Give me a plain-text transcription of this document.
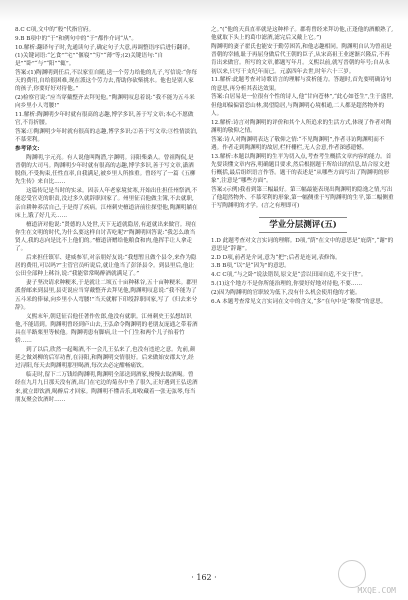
8.C C项,文中的“般”代指官府。

9.B B项中的“于”和例句中的“于”都作介词“从”。

10.解析:翻译句子时,先通读句子,确定句子大意,再调整语序后进行翻译。(1)关键词语:“乞食”“宅”“偃寝”“穷”“薄”等;(2)关键语句:“自是”“卧”“与”“阳”“辄”。

答案:(1)陶渊明到任后,不以家室自随,送一个劳力给他的儿子,写信说:“你每天的费用,自给很困难,现在派这个劳力去,帮助你砍柴挑水。他也是别人家的孩子,你要好好对待他。”

(2)检察官说:“应当穿戴整齐去拜见他。”陶渊明叹息着说:“我不能为五斗米向乡里小人弯腰!”

11.解析:陶渊明少年时就有很高的志趣,博学多识,善于写文章;本心不愿做官,不肯折腰。

答案:①陶渊明少年时就有很高的志趣,博学多识;②善于写文章;③性情淡泊,不慕荣利。

参考译文:

陶渊明,字元亮。有人说他叫陶潜,字渊明。浔阳柴桑人。曾祖陶侃,是晋朝的大司马。陶渊明少年时就有很高的志趣,博学多识,善于写文章,潇洒脱俗,不受拘束,任性直率,自我满足,被乡里人所推重。曾经写了一篇《五柳先生传》来自比……

这篇传记是当时的实录。因亲人年老家境贫寒,开始出仕担任州祭酒,不能忍受官吏的职责,没过多久就辞职回家了。州里征召他做主簿,不去就职,亲自耕种养活自己,于是得了疾病。江州刺史檀道济前往探望他,陶渊明躺在床上,饿了好几天……

檀道济对他说:“贤德的人处世,天下无道就隐居,有道就出来做官。现在你生在文明的时代,为什么要这样自讨苦吃呢?”陶渊明回答说:“我怎么敢当贤人,我的志向是比不上他们的。”檀道济赠给他粮食和肉,他挥手让人拿走了。

后来担任镇军、建威参军,对亲朋好友说:“我想暂且做个县令,来作为隐居的费用,可以吗?”主管官员听说后,就让他当了彭泽县令。到县里后,他让公田全部种上秫谷,说:“我能常常喝醉酒就满足了。”

妻子坚决请求种粳米,于是就让二顷五十亩种秫谷,五十亩种粳米。郡里派督邮来到县里,县吏说应当穿戴整齐去拜见他,陶渊明叹息说:“我不能为了五斗米的俸禄,向乡里小人弯腰!”当天就解下印绶辞职回家,写了《归去来兮辞》。

义熙末年,朝廷征召他任著作佐郎,他没有就职。江州刺史王弘想结识他,不能请到。陶渊明曾经到庐山去,王弘命令陶渊明的老朋友庞通之带着酒具在半路栗里等候他。陶渊明患有脚病,让一个门生和两个儿子抬着竹轿……

到了以后,欣然一起喝酒,不一会儿王弘来了,也没有违逆之意。先前,颜延之做刘柳的后军功曹,在浔阳,和陶渊明交情很好。后来做始安郡太守,经过浔阳,每天去陶渊明那里喝酒,每次去必定酣畅痛饮。

临走时,留下二万钱给陶渊明,陶渊明全部送到酒家,慢慢去取酒喝。曾经在九月九日那天没有酒,出门在宅边的菊丛中坐了很久,正好遇到王弘送酒来,就立即饮酒,喝醉后才回家。陶渊明不懂音乐,却收藏着一张无弦琴,每当朋友聚会饮酒时……

之。”(“他的天真直率就是这种样子。郡将曾经来拜访他,正逢他的酒酿熟了,他就取下头上的葛巾滤酒,滤完后又戴上它。”)

陶渊明的妻子翟氏也能安于勤劳困苦,和他志趣相同。陶渊明自认为曾祖是晋朝的宰辅,耻于再屈身做后代王朝的臣子,从宋高祖王业逐渐兴隆后,不再肯出来做官。所写的文章,都题写年月。义熙以前,就写晋朝的年号;自从永初以来,只写干支纪年而已。元嘉四年去世,时年六十三岁。

11.解析:此题考查对诗歌语言的理解与赏析能力。答题时,首先要明确诗句的意思,再分析其表达效果。

答案:白居易是一位很有个性的诗人,他“甘向苍林”,“此心如苍生”,生于盛世,但他却偏偏留恋山林,渴望隐居,与陶渊明心境相通,二人都是超然物外的人。

12.解析:诗言对陶渊明的评价和其个人所追求的生活方式,体现了作者对陶渊明的敬仰之情。

答案:诗人对陶渊明表达了敬仰之情:“不见陶渊明”,作者寻访陶渊明而不遇。作者走到陶渊明的故居,栏杆栅栏,无人会意,作者深感遗憾。

13.解析:本题以陶渊明的生平为切入点,考查考生概括文章内容的能力。首先要读懂文章内容,明确题目要求,然后根据题干所给出的信息,结合原文进行概括,最后组织语言作答。题干的表述是“从哪些方面写出了陶渊明的形象”,注意是“哪些方面”。

答案:(示例)我看到第三幅最好。第三幅最能表现出陶渊明的隐逸之情,写出了他超然物外、不慕荣利的形象,第一幅侧重于写陶渊明的生平,第二幅侧重于写陶渊明的才学。(言之有理即可)

学业分层测评(五)

1.D 此题考查对文言实词的理解。D项,“荫”在文中的意思是“庇荫”,“谢”的意思是“辞谢”。

2.D D项,前者是介词,意为“把”;后者是连词,表修饰。

3.B B项,“以”是“因为”的意思。

4.C C项,“与之卧”说法错误,原文是“尝以田园自适,不交于世”。

5.(1)这个地方不是你所能治理的,你要好好地对待他,不要……

(2)因为陶渊明的官职较为低下,没有什么机会使用他的才能。

6.A 本题考查常见文言实词在文中的含义,“多”在句中是“称赞”的意思。

· 162 ·
MXQE.COM
